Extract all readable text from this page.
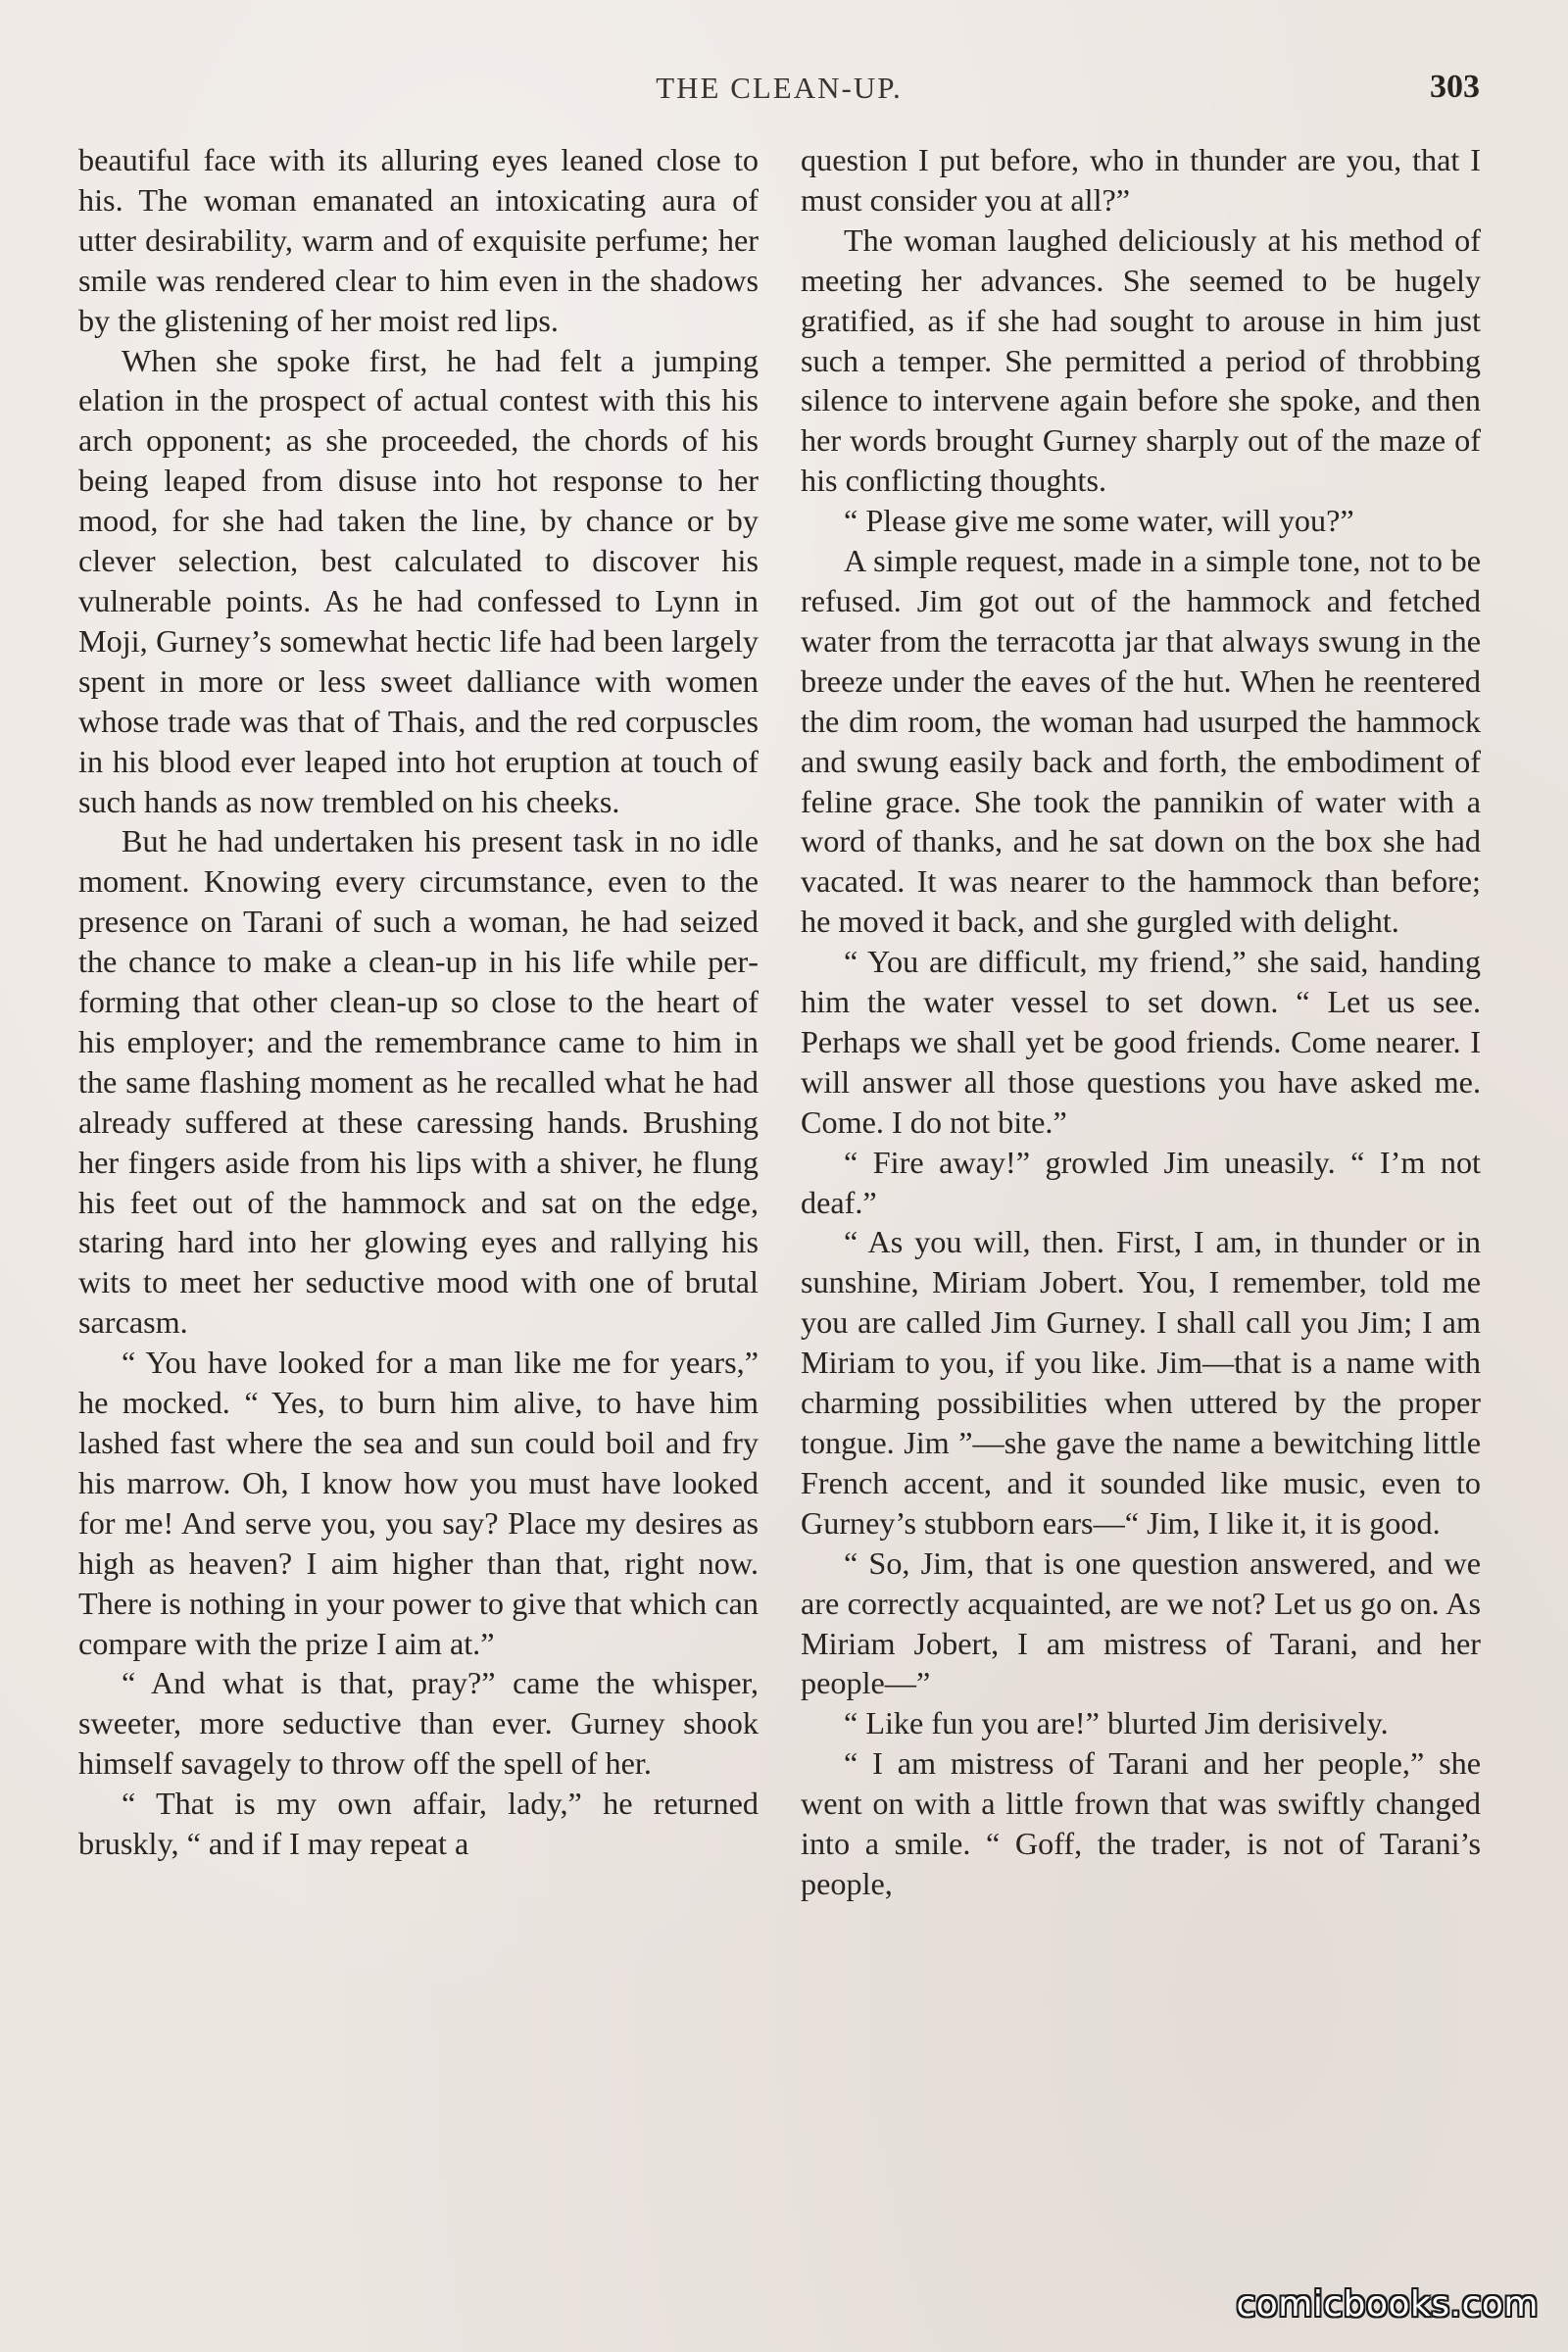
THE CLEAN-UP.	303

beautiful face with its alluring eyes leaned close to his. The woman emanated an intoxicating aura of utter desirability, warm and of exquisite perfume; her smile was rendered clear to him even in the shadows by the glistening of her moist red lips.

When she spoke first, he had felt a jumping elation in the prospect of actual contest with this his arch opponent; as she proceeded, the chords of his being leaped from disuse into hot response to her mood, for she had taken the line, by chance or by clever selection, best calculated to discover his vulnerable points. As he had confessed to Lynn in Moji, Gurney’s somewhat hectic life had been largely spent in more or less sweet dalliance with women whose trade was that of Thais, and the red corpuscles in his blood ever leaped into hot eruption at touch of such hands as now trembled on his cheeks.

But he had undertaken his present task in no idle moment. Knowing every circumstance, even to the presence on Tarani of such a woman, he had seized the chance to make a clean-up in his life while performing that other clean-up so close to the heart of his employer; and the remembrance came to him in the same flashing moment as he recalled what he had already suffered at these caressing hands. Brushing her fingers aside from his lips with a shiver, he flung his feet out of the hammock and sat on the edge, staring hard into her glowing eyes and rallying his wits to meet her seductive mood with one of brutal sarcasm.

“ You have looked for a man like me for years,” he mocked. “ Yes, to burn him alive, to have him lashed fast where the sea and sun could boil and fry his marrow. Oh, I know how you must have looked for me! And serve you, you say? Place my desires as high as heaven? I aim higher than that, right now. There is nothing in your power to give that which can compare with the prize I aim at.”

“ And what is that, pray?” came the whisper, sweeter, more seductive than ever. Gurney shook himself savagely to throw off the spell of her.

“ That is my own affair, lady,” he returned bruskly, “ and if I may repeat a

question I put before, who in thunder are you, that I must consider you at all?”

The woman laughed deliciously at his method of meeting her advances. She seemed to be hugely gratified, as if she had sought to arouse in him just such a temper. She permitted a period of throbbing silence to intervene again before she spoke, and then her words brought Gurney sharply out of the maze of his conflicting thoughts.

“ Please give me some water, will you?”

A simple request, made in a simple tone, not to be refused. Jim got out of the hammock and fetched water from the terracotta jar that always swung in the breeze under the eaves of the hut. When he reentered the dim room, the woman had usurped the hammock and swung easily back and forth, the embodiment of feline grace. She took the pannikin of water with a word of thanks, and he sat down on the box she had vacated. It was nearer to the hammock than before; he moved it back, and she gurgled with delight.

“ You are difficult, my friend,” she said, handing him the water vessel to set down. “ Let us see. Perhaps we shall yet be good friends. Come nearer. I will answer all those questions you have asked me. Come. I do not bite.”

“ Fire away!” growled Jim uneasily. “ I’m not deaf.”

“ As you will, then. First, I am, in thunder or in sunshine, Miriam Jobert. You, I remember, told me you are called Jim Gurney. I shall call you Jim; I am Miriam to you, if you like. Jim—that is a name with charming possibilities when uttered by the proper tongue. Jim ”—she gave the name a bewitching little French accent, and it sounded like music, even to Gurney’s stubborn ears—“ Jim, I like it, it is good.

“ So, Jim, that is one question answered, and we are correctly acquainted, are we not? Let us go on. As Miriam Jobert, I am mistress of Tarani, and her people—”

“ Like fun you are!” blurted Jim derisively.

“ I am mistress of Tarani and her people,” she went on with a little frown that was swiftly changed into a smile. “ Goff, the trader, is not of Tarani’s people,

comicbooks.com
